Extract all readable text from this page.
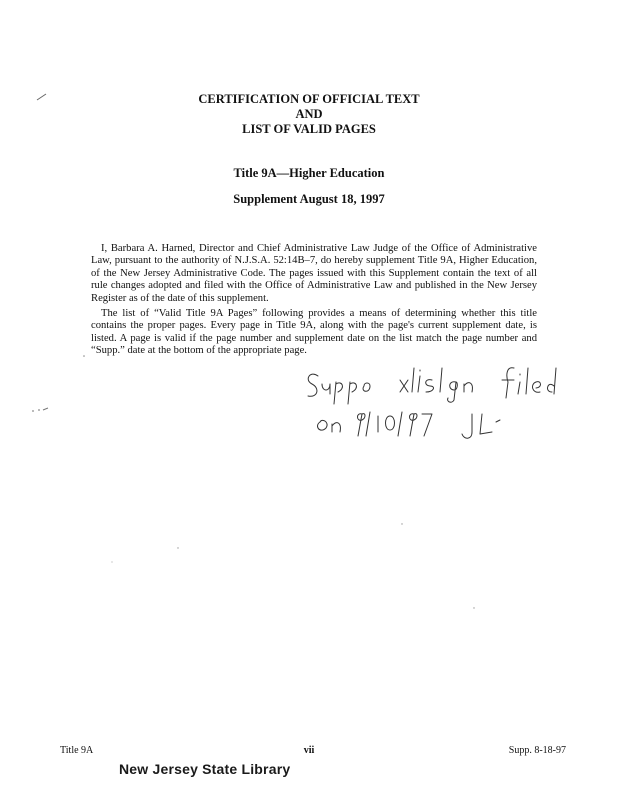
CERTIFICATION OF OFFICIAL TEXT
AND
LIST OF VALID PAGES
Title 9A—Higher Education
Supplement August 18, 1997

I, Barbara A. Harned, Director and Chief Administrative Law Judge of the Office of Administrative Law, pursuant to the authority of N.J.S.A. 52:14B–7, do hereby supplement Title 9A, Higher Education, of the New Jersey Administrative Code. The pages issued with this Supplement contain the text of all rule changes adopted and filed with the Office of Administrative Law and published in the New Jersey Register as of the date of this supplement.

The list of “Valid Title 9A Pages” following provides a means of determining whether this title contains the proper pages. Every page in Title 9A, along with the page's current supplement date, is listed. A page is valid if the page number and supplement date on the list match the page number and “Supp.” date at the bottom of the appropriate page.

Title 9A	vii	Supp. 8-18-97
New Jersey State Library
